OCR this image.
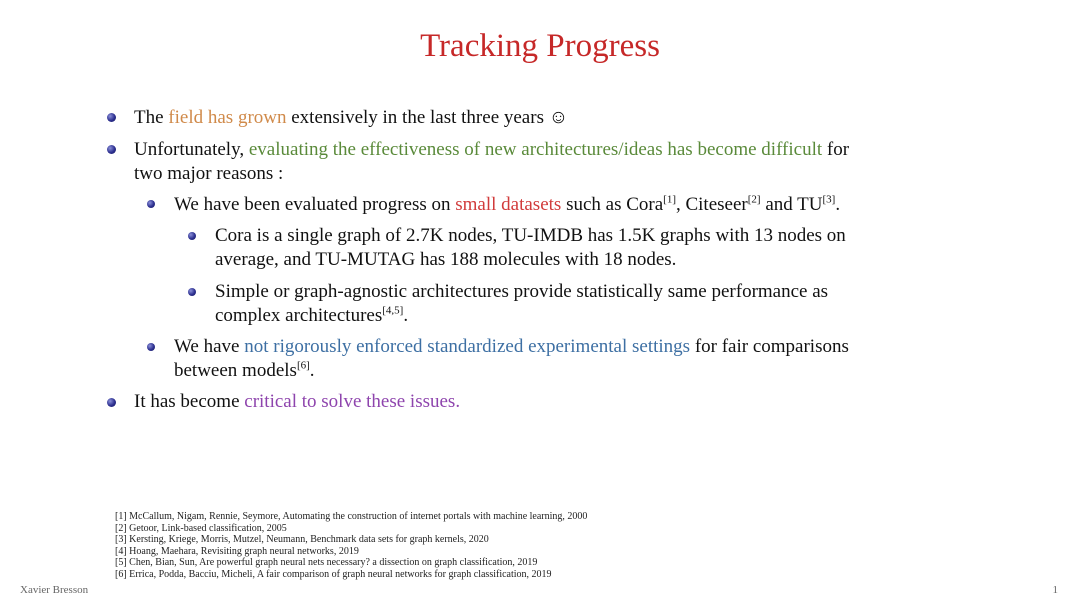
Tracking Progress
The field has grown extensively in the last three years ☺
Unfortunately, evaluating the effectiveness of new architectures/ideas has become difficult for
two major reasons :
We have been evaluated progress on small datasets such as Cora[1], Citeseer[2] and TU[3].
Cora is a single graph of 2.7K nodes, TU-IMDB has 1.5K graphs with 13 nodes on
average, and TU-MUTAG has 188 molecules with 18 nodes.
Simple or graph-agnostic architectures provide statistically same performance as
complex architectures[4,5].
We have not rigorously enforced standardized experimental settings for fair comparisons
between models[6].
It has become critical to solve these issues.
[1] McCallum, Nigam, Rennie, Seymore, Automating the construction of internet portals with machine learning, 2000
[2] Getoor, Link-based classification, 2005
[3] Kersting, Kriege, Morris, Mutzel, Neumann, Benchmark data sets for graph kernels, 2020
[4] Hoang, Maehara, Revisiting graph neural networks, 2019
[5] Chen, Bian, Sun, Are powerful graph neural nets necessary? a dissection on graph classification, 2019
[6] Errica, Podda, Bacciu, Micheli, A fair comparison of graph neural networks for graph classification, 2019
Xavier Bresson	1
